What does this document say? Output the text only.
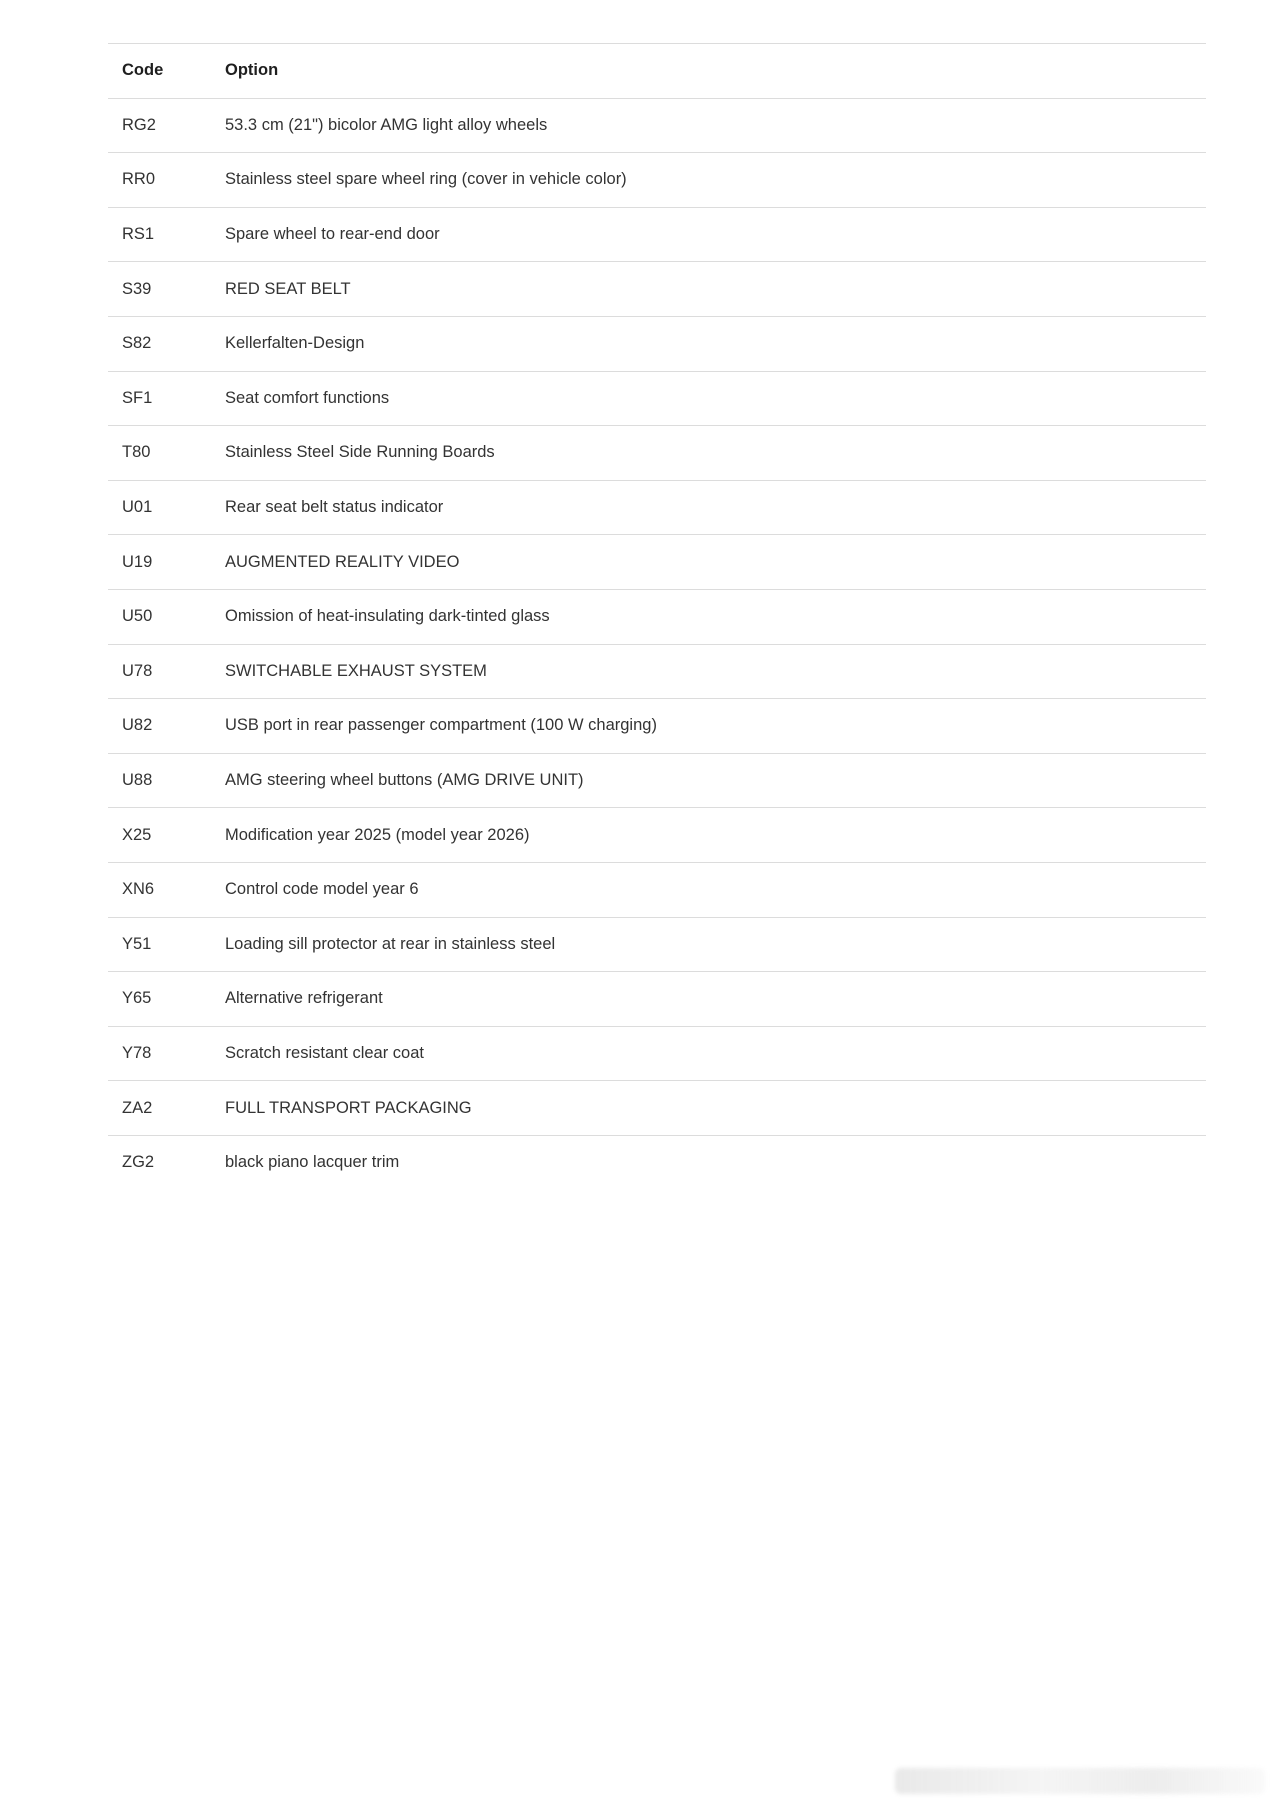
Code	Option
RG2	53.3 cm (21") bicolor AMG light alloy wheels
RR0	Stainless steel spare wheel ring (cover in vehicle color)
RS1	Spare wheel to rear-end door
S39	RED SEAT BELT
S82	Kellerfalten-Design
SF1	Seat comfort functions
T80	Stainless Steel Side Running Boards
U01	Rear seat belt status indicator
U19	AUGMENTED REALITY VIDEO
U50	Omission of heat-insulating dark-tinted glass
U78	SWITCHABLE EXHAUST SYSTEM
U82	USB port in rear passenger compartment (100 W charging)
U88	AMG steering wheel buttons (AMG DRIVE UNIT)
X25	Modification year 2025 (model year 2026)
XN6	Control code model year 6
Y51	Loading sill protector at rear in stainless steel
Y65	Alternative refrigerant
Y78	Scratch resistant clear coat
ZA2	FULL TRANSPORT PACKAGING
ZG2	black piano lacquer trim
